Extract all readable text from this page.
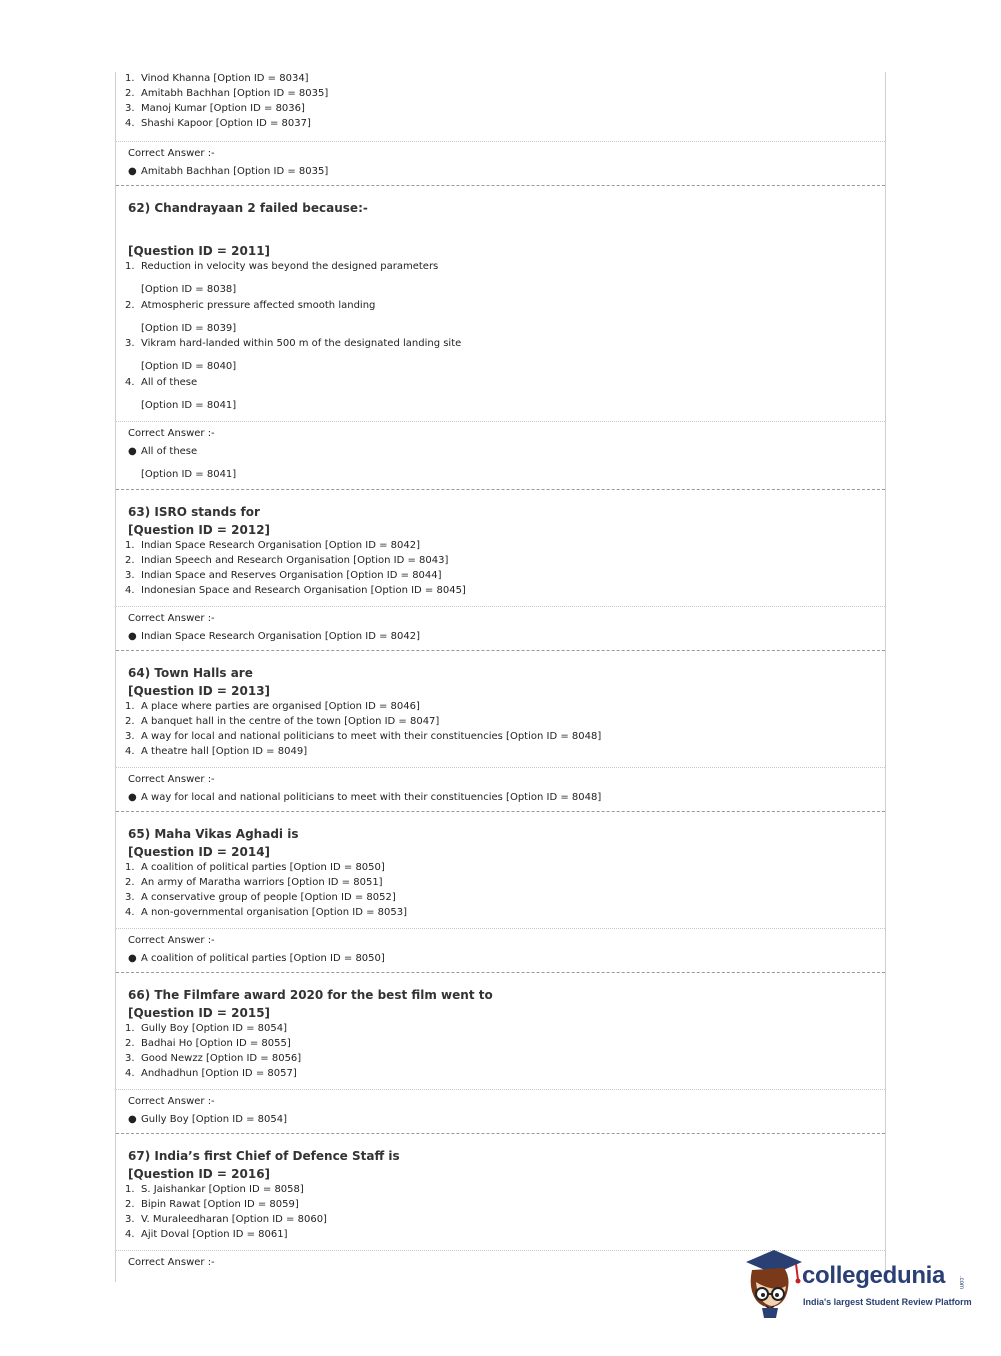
1. Vinod Khanna [Option ID = 8034]
2. Amitabh Bachhan [Option ID = 8035]
3. Manoj Kumar [Option ID = 8036]
4. Shashi Kapoor [Option ID = 8037]
Correct Answer :-
● Amitabh Bachhan [Option ID = 8035]
62) Chandrayaan 2 failed because:-
[Question ID = 2011]
1. Reduction in velocity was beyond the designed parameters
[Option ID = 8038]
2. Atmospheric pressure affected smooth landing
[Option ID = 8039]
3. Vikram hard-landed within 500 m of the designated landing site
[Option ID = 8040]
4. All of these
[Option ID = 8041]
Correct Answer :-
● All of these
[Option ID = 8041]
63) ISRO stands for
[Question ID = 2012]
1. Indian Space Research Organisation [Option ID = 8042]
2. Indian Speech and Research Organisation [Option ID = 8043]
3. Indian Space and Reserves Organisation [Option ID = 8044]
4. Indonesian Space and Research Organisation [Option ID = 8045]
Correct Answer :-
● Indian Space Research Organisation [Option ID = 8042]
64) Town Halls are
[Question ID = 2013]
1. A place where parties are organised [Option ID = 8046]
2. A banquet hall in the centre of the town [Option ID = 8047]
3. A way for local and national politicians to meet with their constituencies [Option ID = 8048]
4. A theatre hall [Option ID = 8049]
Correct Answer :-
● A way for local and national politicians to meet with their constituencies [Option ID = 8048]
65) Maha Vikas Aghadi is
[Question ID = 2014]
1. A coalition of political parties [Option ID = 8050]
2. An army of Maratha warriors [Option ID = 8051]
3. A conservative group of people [Option ID = 8052]
4. A non-governmental organisation [Option ID = 8053]
Correct Answer :-
● A coalition of political parties [Option ID = 8050]
66) The Filmfare award 2020 for the best film went to
[Question ID = 2015]
1. Gully Boy [Option ID = 8054]
2. Badhai Ho [Option ID = 8055]
3. Good Newzz [Option ID = 8056]
4. Andhadhun [Option ID = 8057]
Correct Answer :-
● Gully Boy [Option ID = 8054]
67) India’s first Chief of Defence Staff is
[Question ID = 2016]
1. S. Jaishankar [Option ID = 8058]
2. Bipin Rawat [Option ID = 8059]
3. V. Muraleedharan [Option ID = 8060]
4. Ajit Doval [Option ID = 8061]
Correct Answer :-	collegedunia .com
India's largest Student Review Platform
